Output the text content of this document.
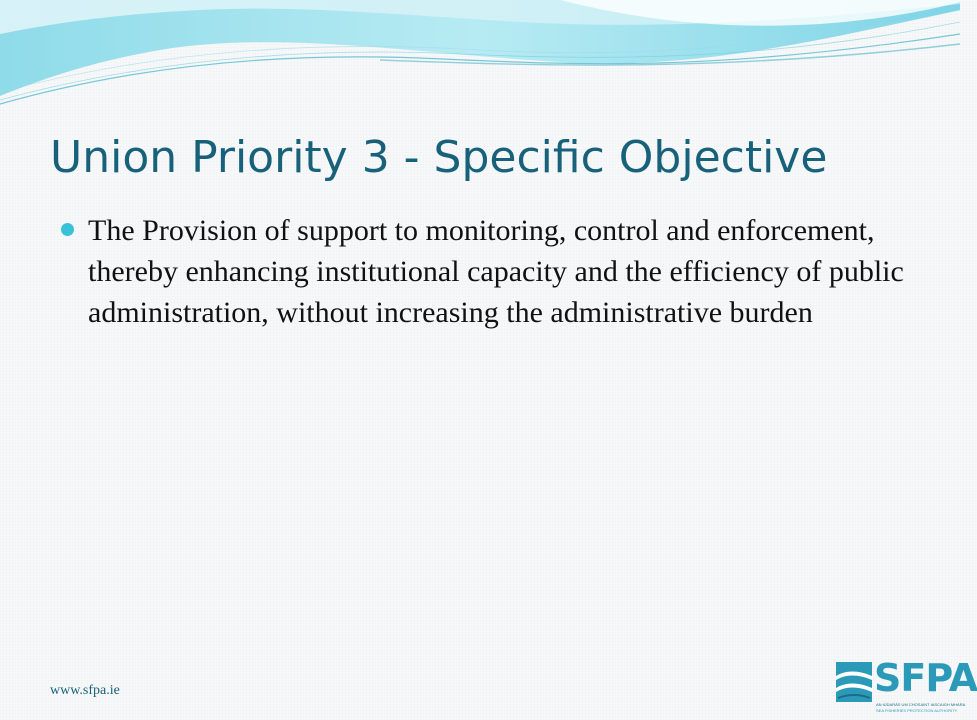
Union Priority 3 - Specific Objective
The Provision of support to monitoring, control and enforcement, thereby enhancing institutional capacity and the efficiency of public administration, without increasing the administrative burden
www.sfpa.ie	SFPA
AN tÚDARÁS UM CHOSAINT IASCAIGH MHARA
SEA FISHERIES PROTECTION AUTHORITY
